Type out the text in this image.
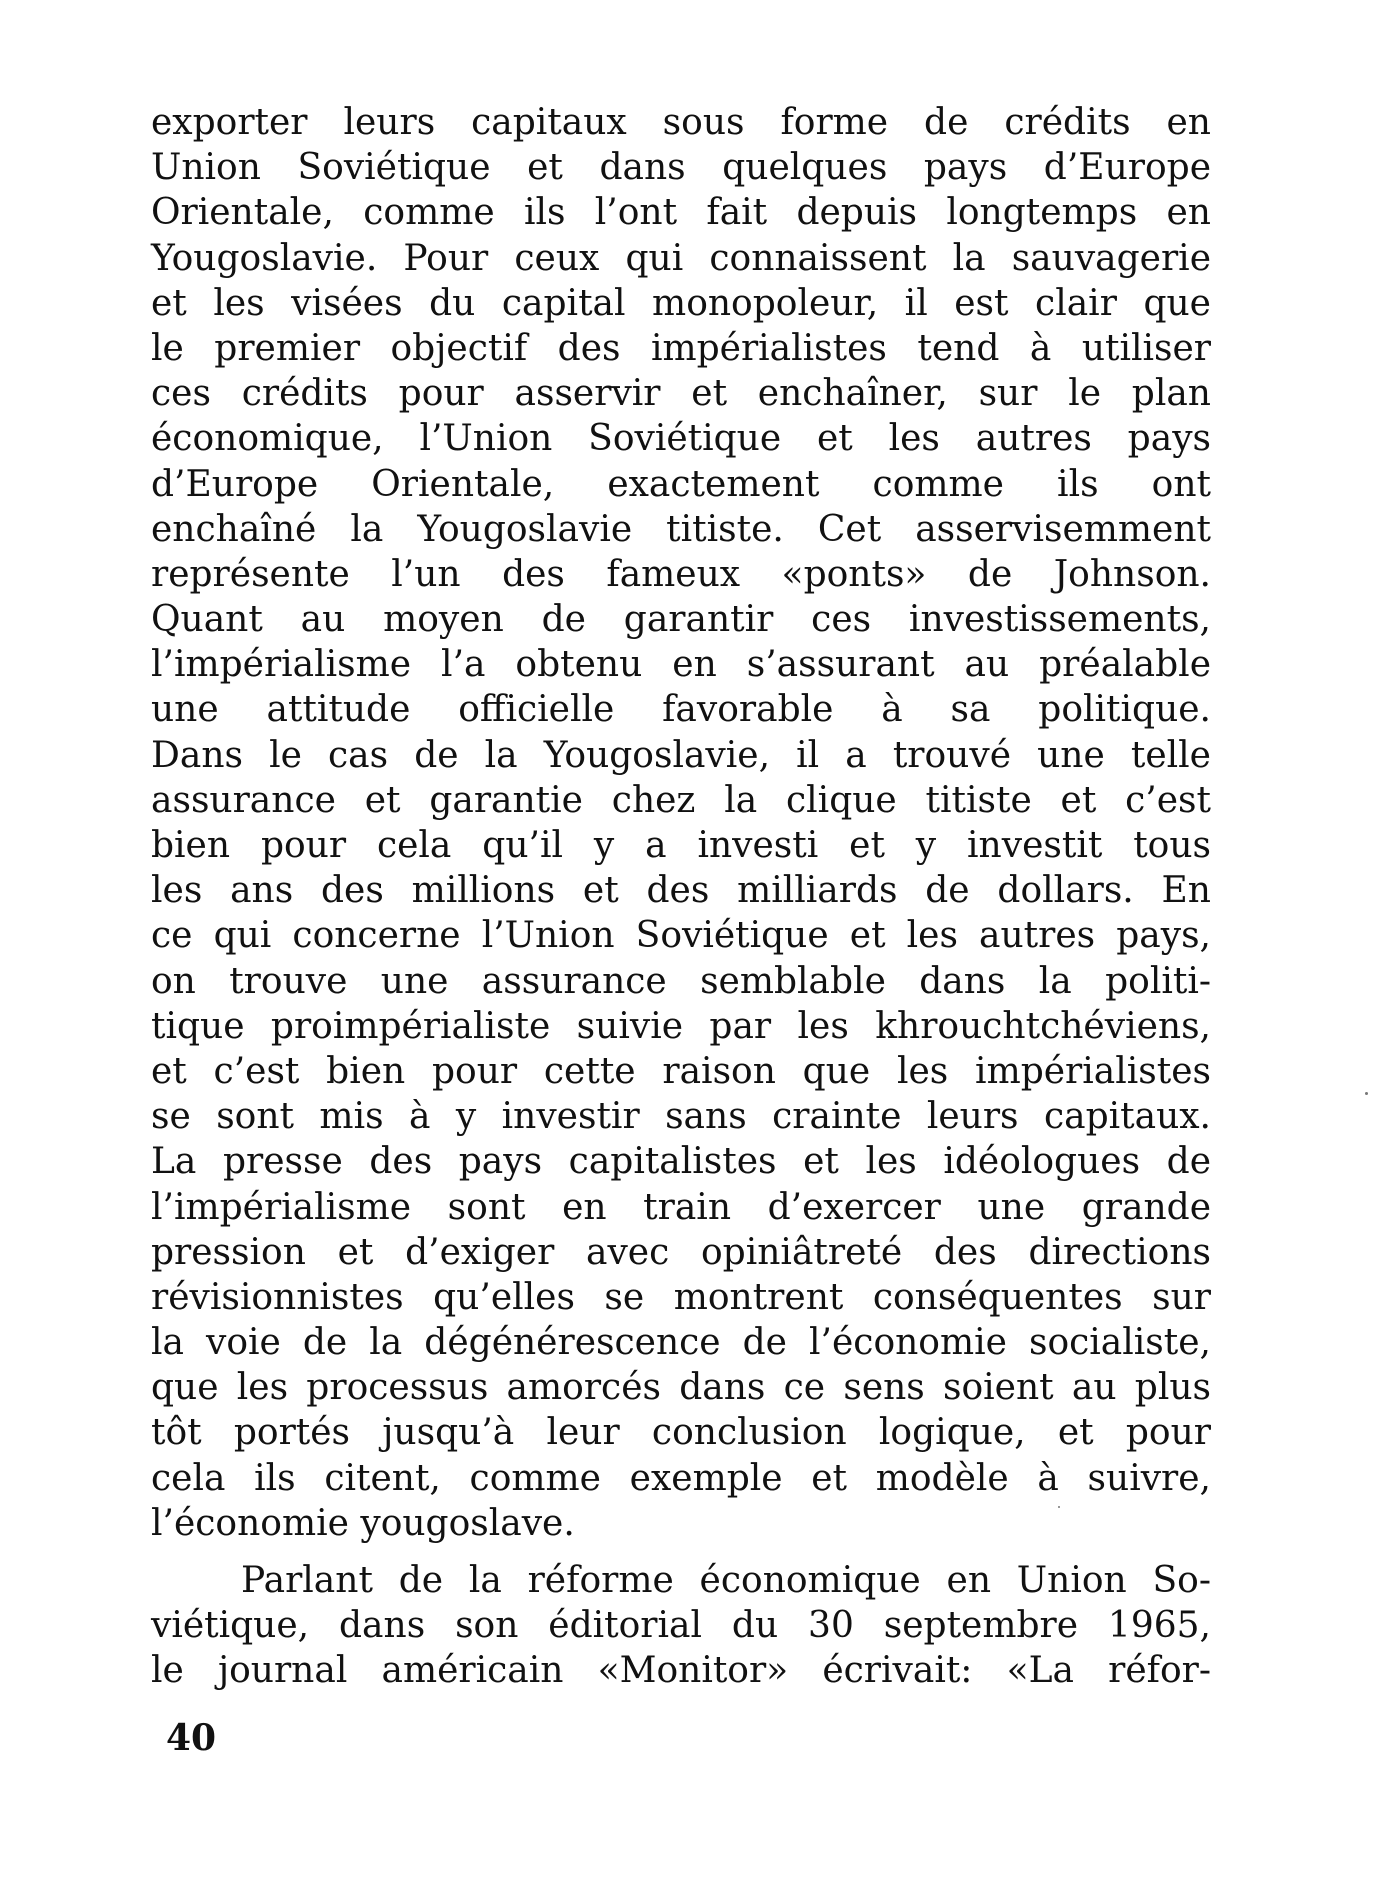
exporter leurs capitaux sous forme de crédits en
Union Soviétique et dans quelques pays d’Europe
Orientale, comme ils l’ont fait depuis longtemps en
Yougoslavie. Pour ceux qui connaissent la sauvagerie
et les visées du capital monopoleur, il est clair que
le premier objectif des impérialistes tend à utiliser
ces crédits pour asservir et enchaîner, sur le plan
économique, l’Union Soviétique et les autres pays
d’Europe Orientale, exactement comme ils ont
enchaîné la Yougoslavie titiste. Cet asservisemment
représente l’un des fameux «ponts» de Johnson.
Quant au moyen de garantir ces investissements,
l’impérialisme l’a obtenu en s’assurant au préalable
une attitude officielle favorable à sa politique.
Dans le cas de la Yougoslavie, il a trouvé une telle
assurance et garantie chez la clique titiste et c’est
bien pour cela qu’il y a investi et y investit tous
les ans des millions et des milliards de dollars. En
ce qui concerne l’Union Soviétique et les autres pays,
on trouve une assurance semblable dans la politi-
tique proimpérialiste suivie par les khrouchtchéviens,
et c’est bien pour cette raison que les impérialistes
se sont mis à y investir sans crainte leurs capitaux.
La presse des pays capitalistes et les idéologues de
l’impérialisme sont en train d’exercer une grande
pression et d’exiger avec opiniâtreté des directions
révisionnistes qu’elles se montrent conséquentes sur
la voie de la dégénérescence de l’économie socialiste,
que les processus amorcés dans ce sens soient au plus
tôt portés jusqu’à leur conclusion logique, et pour
cela ils citent, comme exemple et modèle à suivre,
l’économie yougoslave.
Parlant de la réforme économique en Union So-
viétique, dans son éditorial du 30 septembre 1965,
le journal américain «Monitor» écrivait: «La réfor-
40
